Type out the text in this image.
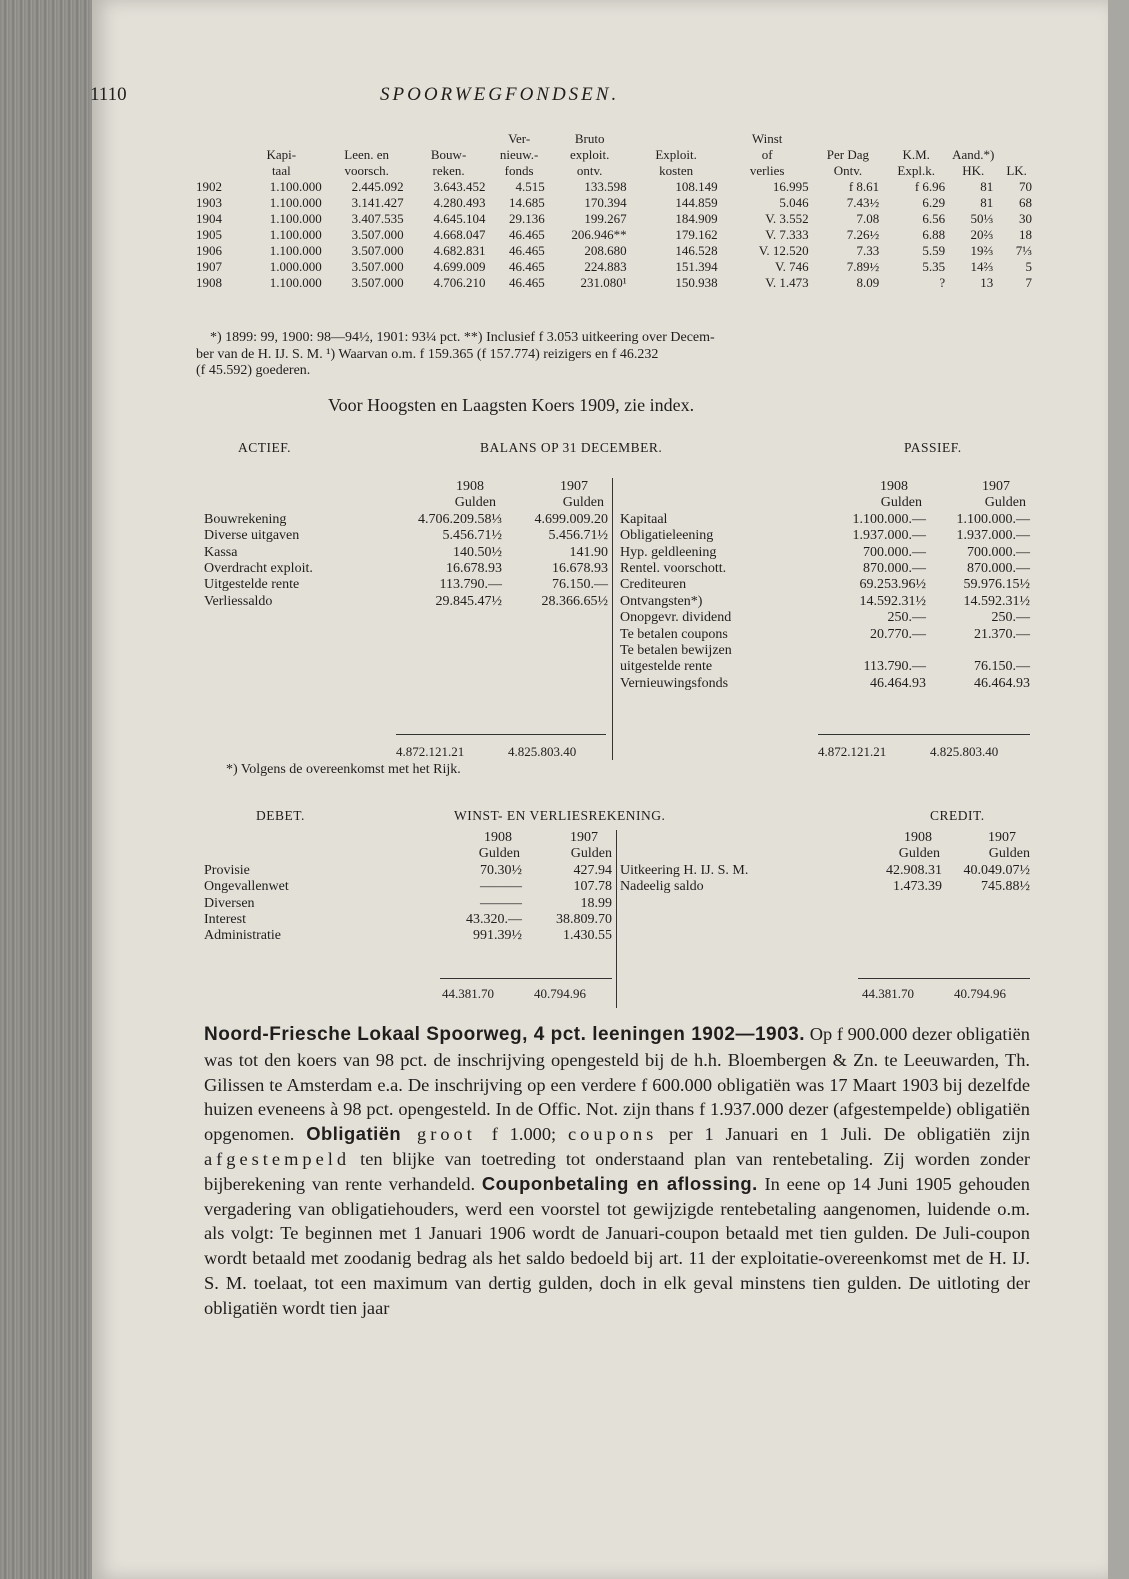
1110	SPOORWEGFONDSEN.
				Ver-	Bruto		Winst				
	Kapi-	Leen. en	Bouw-	nieuw.-	exploit.	Exploit.	of	Per Dag	K.M.	Aand.*)	
	taal	voorsch.	reken.	fonds	ontv.	kosten	verlies	Ontv.	Expl.k.	HK.	LK.
1902	1.100.000	2.445.092	3.643.452	4.515	133.598	108.149	16.995	f 8.61	f 6.96	81	70
1903	1.100.000	3.141.427	4.280.493	14.685	170.394	144.859	5.046	7.43½	6.29	81	68
1904	1.100.000	3.407.535	4.645.104	29.136	199.267	184.909	V. 3.552	7.08	6.56	50⅓	30
1905	1.100.000	3.507.000	4.668.047	46.465	206.946**	179.162	V. 7.333	7.26½	6.88	20⅔	18
1906	1.100.000	3.507.000	4.682.831	46.465	208.680	146.528	V. 12.520	7.33	5.59	19⅔	7⅓
1907	1.000.000	3.507.000	4.699.009	46.465	224.883	151.394	V. 746	7.89½	5.35	14⅔	5
1908	1.100.000	3.507.000	4.706.210	46.465	231.080¹	150.938	V. 1.473	8.09	?	13	7
*) 1899: 99, 1900: 98—94½, 1901: 93¼ pct. **) Inclusief f 3.053 uitkeering over Decem-
ber van de H. IJ. S. M. ¹) Waarvan o.m. f 159.365 (f 157.774) reizigers en f 46.232
(f 45.592) goederen.
Voor Hoogsten en Laagsten Koers 1909, zie index.
ACTIEF.	BALANS OP 31 DECEMBER.	PASSIEF.
	1908	1907
	Gulden	Gulden
Bouwrekening	4.706.209.58⅓	4.699.009.20
Diverse uitgaven	5.456.71½	5.456.71½
Kassa	140.50½	141.90
Overdracht exploit.	16.678.93	16.678.93
Uitgestelde rente	113.790.—	76.150.—
Verliessaldo	29.845.47½	28.366.65½
	1908	1907
	Gulden	Gulden
Kapitaal	1.100.000.—	1.100.000.—
Obligatieleening	1.937.000.—	1.937.000.—
Hyp. geldleening	700.000.—	700.000.—
Rentel. voorschott.	870.000.—	870.000.—
Crediteuren	69.253.96½	59.976.15½
Ontvangsten*)	14.592.31½	14.592.31½
Onopgevr. dividend	250.—	250.—
Te betalen coupons	20.770.—	21.370.—
Te betalen bewijzen		
uitgestelde rente	113.790.—	76.150.—
Vernieuwingsfonds	46.464.93	46.464.93
4.872.121.21	4.825.803.40	4.872.121.21	4.825.803.40
*) Volgens de overeenkomst met het Rijk.
DEBET.	WINST- EN VERLIESREKENING.	CREDIT.
	1908	1907
	Gulden	Gulden
Provisie	70.30½	427.94
Ongevallenwet	———	107.78
Diversen	———	18.99
Interest	43.320.—	38.809.70
Administratie	991.39½	1.430.55
	1908	1907
	Gulden	Gulden
Uitkeering H. IJ. S. M.	42.908.31	40.049.07½
Nadeelig saldo	1.473.39	745.88½
44.381.70	40.794.96	44.381.70	40.794.96
Noord-Friesche Lokaal Spoorweg, 4 pct. leeningen 1902—1903. Op f 900.000 dezer obligatiën was tot den koers van 98 pct. de inschrijving opengesteld bij de h.h. Bloembergen & Zn. te Leeuwarden, Th. Gilissen te Amsterdam e.a. De inschrijving op een verdere f 600.000 obligatiën was 17 Maart 1903 bij dezelfde huizen eveneens à 98 pct. opengesteld. In de Offic. Not. zijn thans f 1.937.000 dezer (afgestempelde) obligatiën opgenomen. Obligatiën groot f 1.000; coupons per 1 Januari en 1 Juli. De obligatiën zijn afgestempeld ten blijke van toetreding tot onderstaand plan van rentebetaling. Zij worden zonder bijberekening van rente verhandeld. Couponbetaling en aflossing. In eene op 14 Juni 1905 gehouden vergadering van obligatiehouders, werd een voorstel tot gewijzigde rentebetaling aangenomen, luidende o.m. als volgt: Te beginnen met 1 Januari 1906 wordt de Januari-coupon betaald met tien gulden. De Juli-coupon wordt betaald met zoodanig bedrag als het saldo bedoeld bij art. 11 der exploitatie-overeenkomst met de H. IJ. S. M. toelaat, tot een maximum van dertig gulden, doch in elk geval minstens tien gulden. De uitloting der obligatiën wordt tien jaar
